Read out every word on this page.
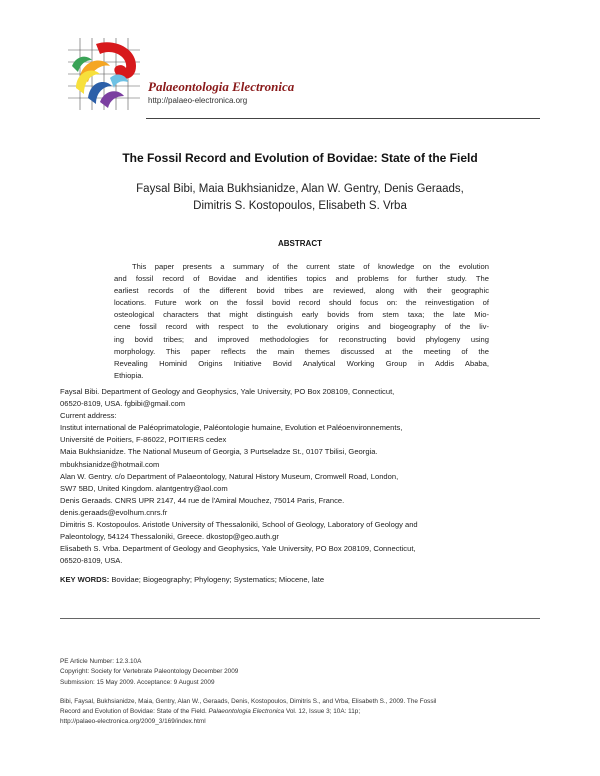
Palaeontologia Electronica
http://palaeo-electronica.org
The Fossil Record and Evolution of Bovidae: State of the Field
Faysal Bibi, Maia Bukhsianidze, Alan W. Gentry, Denis Geraads,
Dimitris S. Kostopoulos, Elisabeth S. Vrba
ABSTRACT
This paper presents a summary of the current state of knowledge on the evolution
and fossil record of Bovidae and identifies topics and problems for further study. The
earliest records of the different bovid tribes are reviewed, along with their geographic
locations. Future work on the fossil bovid record should focus on: the reinvestigation of
osteological characters that might distinguish early bovids from stem taxa; the late Mio-
cene fossil record with respect to the evolutionary origins and biogeography of the liv-
ing bovid tribes; and improved methodologies for reconstructing bovid phylogeny using
morphology. This paper reflects the main themes discussed at the meeting of the
Revealing Hominid Origins Initiative Bovid Analytical Working Group in Addis Ababa,
Ethiopia.
Faysal Bibi. Department of Geology and Geophysics, Yale University, PO Box 208109, Connecticut,
06520-8109, USA. fgbibi@gmail.com
Current address:
Institut international de Paléoprimatologie, Paléontologie humaine, Evolution et Paléoenvironnements,
Université de Poitiers, F-86022, POITIERS cedex
Maia Bukhsianidze. The National Museum of Georgia, 3 Purtseladze St., 0107 Tbilisi, Georgia.
mbukhsianidze@hotmail.com
Alan W. Gentry. c/o Department of Palaeontology, Natural History Museum, Cromwell Road, London,
SW7 5BD, United Kingdom. alantgentry@aol.com
Denis Geraads. CNRS UPR 2147, 44 rue de l'Amiral Mouchez, 75014 Paris, France.
denis.geraads@evolhum.cnrs.fr
Dimitris S. Kostopoulos. Aristotle University of Thessaloniki, School of Geology, Laboratory of Geology and
Paleontology, 54124 Thessaloniki, Greece. dkostop@geo.auth.gr
Elisabeth S. Vrba. Department of Geology and Geophysics, Yale University, PO Box 208109, Connecticut,
06520-8109, USA.
KEY WORDS: Bovidae; Biogeography; Phylogeny; Systematics; Miocene, late
PE Article Number: 12.3.10A
Copyright: Society for Vertebrate Paleontology December 2009
Submission: 15 May 2009. Acceptance: 9 August 2009
Bibi, Faysal, Bukhsianidze, Maia, Gentry, Alan W., Geraads, Denis, Kostopoulos, Dimitris S., and Vrba, Elisabeth S., 2009. The Fossil
Record and Evolution of Bovidae: State of the Field. Palaeontologia Electronica Vol. 12, Issue 3; 10A: 11p;
http://palaeo-electronica.org/2009_3/169/index.html
